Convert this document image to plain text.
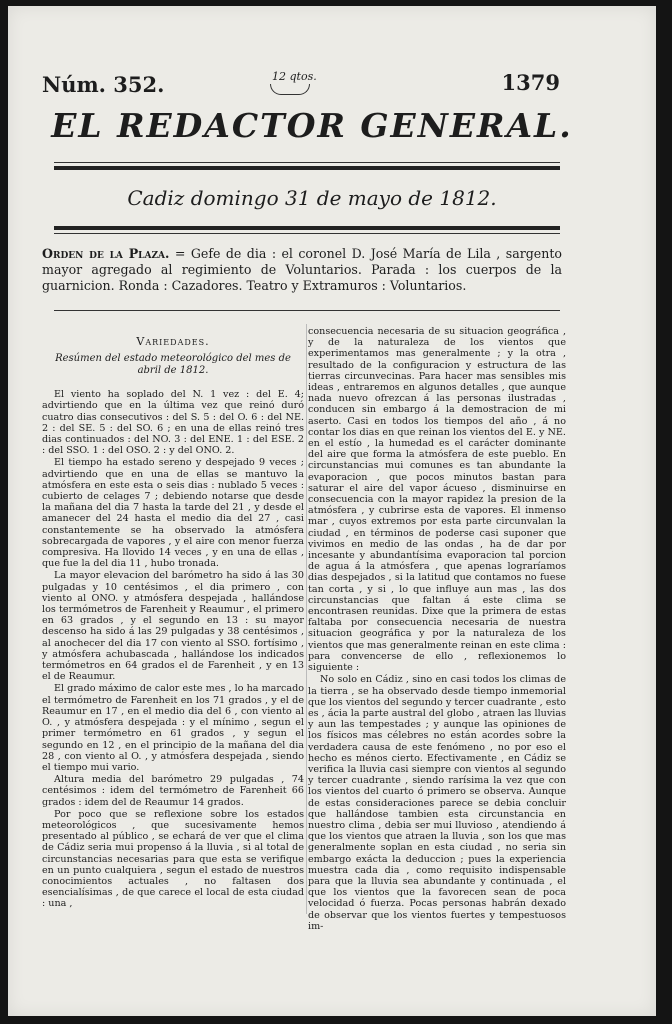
Núm. 352.	12 qtos.	1379
EL REDACTOR GENERAL.
Cadiz domingo 31 de mayo de 1812.
Orden de la Plaza. = Gefe de dia : el coronel D. José María de Lila , sargento mayor agregado al regimiento de Voluntarios. Parada : los cuerpos de la guarnicion. Ronda : Cazadores. Teatro y Extramuros : Voluntarios.
Variedades.
Resúmen del estado meteorológico del mes de abril de 1812.

El viento ha soplado del N. 1 vez : del E. 4; advirtiendo que en la última vez que reinó duró cuatro dias consecutivos : del S. 5 : del O. 6 : del NE. 2 : del SE. 5 : del SO. 6 ; en una de ellas reinó tres dias continuados : del NO. 3 : del ENE. 1 : del ESE. 2 : del SSO. 1 : del OSO. 2 : y del ONO. 2.

El tiempo ha estado sereno y despejado 9 veces ; advirtiendo que en una de ellas se mantuvo la atmósfera en este esta o seis dias : nublado 5 veces : cubierto de celages 7 ; debiendo notarse que desde la mañana del dia 7 hasta la tarde del 21 , y desde el amanecer del 24 hasta el medio dia del 27 , casi constantemente se ha observado la atmósfera sobrecargada de vapores , y el aire con menor fuerza compresiva. Ha llovido 14 veces , y en una de ellas , que fue la del dia 11 , hubo tronada.

La mayor elevacion del barómetro ha sido á las 30 pulgadas y 10 centésimos , el dia primero , con viento al ONO. y atmósfera despejada , hallándose los termómetros de Farenheit y Reaumur , el primero en 63 grados , y el segundo en 13 : su mayor descenso ha sido á las 29 pulgadas y 38 centésimos , al anochecer del dia 17 con viento al SSO. fortísimo , y atmósfera achubascada , hallándose los indicados termómetros en 64 grados el de Farenheit , y en 13 el de Reaumur.

El grado máximo de calor este mes , lo ha marcado el termómetro de Farenheit en los 71 grados , y el de Reaumur en 17 , en el medio dia del 6 , con viento al O. , y atmósfera despejada : y el mínimo , segun el primer termómetro en 61 grados , y segun el segundo en 12 , en el principio de la mañana del dia 28 , con viento al O. , y atmósfera despejada , siendo el tiempo mui vario.

Altura media del barómetro 29 pulgadas , 74 centésimos : idem del termómetro de Farenheit 66 grados : idem del de Reaumur 14 grados.

Por poco que se reflexione sobre los estados meteorológicos , que sucesivamente hemos presentado al público , se echará de ver que el clima de Cádiz seria mui propenso á la lluvia , si al total de circunstancias necesarias para que esta se verifique en un punto cualquiera , segun el estado de nuestros conocimientos actuales , no faltasen dos esencialísimas , de que carece el local de esta ciudad : una ,

consecuencia necesaria de su situacion geográfica , y de la naturaleza de los vientos que experimentamos mas generalmente ; y la otra , resultado de la configuracion y estructura de las tierras circunvecinas. Para hacer mas sensibles mis ideas , entraremos en algunos detalles , que aunque nada nuevo ofrezcan á las personas ilustradas , conducen sin embargo á la demostracion de mi aserto. Casi en todos los tiempos del año , á no contar los dias en que reinan los vientos del E. y NE. en el estío , la humedad es el carácter dominante del aire que forma la atmósfera de este pueblo. En circunstancias mui comunes es tan abundante la evaporacion , que pocos minutos bastan para saturar el aire del vapor ácueso , disminuirse en consecuencia con la mayor rapidez la presion de la atmósfera , y cubrirse esta de vapores. El inmenso mar , cuyos extremos por esta parte circunvalan la ciudad , en términos de poderse casi suponer que vivimos en medio de las ondas , ha de dar por incesante y abundantísima evaporacion tal porcion de agua á la atmósfera , que apenas lograríamos dias despejados , si la latitud que contamos no fuese tan corta , y si , lo que influye aun mas , las dos circunstancias que faltan á este clima se encontrasen reunidas. Dixe que la primera de estas faltaba por consecuencia necesaria de nuestra situacion geográfica y por la naturaleza de los vientos que mas generalmente reinan en este clima : para convencerse de ello , reflexionemos lo siguiente :

No solo en Cádiz , sino en casi todos los climas de la tierra , se ha observado desde tiempo inmemorial que los vientos del segundo y tercer cuadrante , esto es , ácia la parte austral del globo , atraen las lluvias y aun las tempestades ; y aunque las opiniones de los físicos mas célebres no están acordes sobre la verdadera causa de este fenómeno , no por eso el hecho es ménos cierto. Efectivamente , en Cádiz se verifica la lluvia casi siempre con vientos al segundo y tercer cuadrante , siendo rarísima la vez que con los vientos del cuarto ó primero se observa. Aunque de estas consideraciones parece se debia concluir que hallándose tambien esta circunstancia en nuestro clima , debia ser mui lluvioso , atendiendo á que los vientos que atraen la lluvia , son los que mas generalmente soplan en esta ciudad , no seria sin embargo exácta la deduccion ; pues la experiencia muestra cada dia , como requisito indispensable para que la lluvia sea abundante y continuada , el que los vientos que la favorecen sean de poca velocidad ó fuerza. Pocas personas habrán dexado de observar que los vientos fuertes y tempestuosos im-
